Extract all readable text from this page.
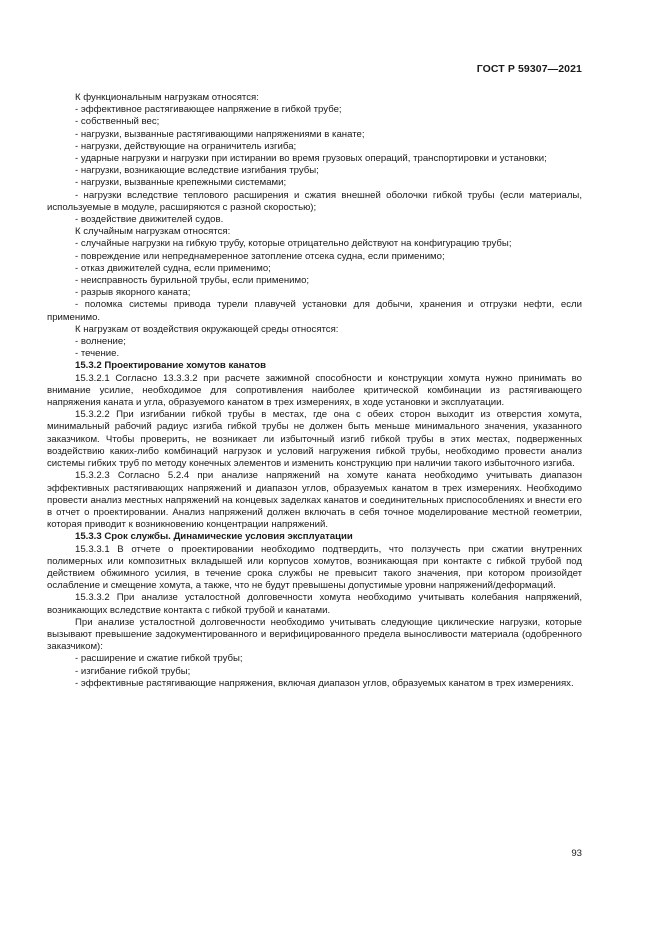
ГОСТ Р 59307—2021

К функциональным нагрузкам относятся:

- эффективное растягивающее напряжение в гибкой трубе;

- собственный вес;

- нагрузки, вызванные растягивающими напряжениями в канате;

- нагрузки, действующие на ограничитель изгиба;

- ударные нагрузки и нагрузки при истирании во время грузовых операций, транспортировки и установки;

- нагрузки, возникающие вследствие изгибания трубы;

- нагрузки, вызванные крепежными системами;

- нагрузки вследствие теплового расширения и сжатия внешней оболочки гибкой трубы (если материалы, используемые в модуле, расширяются с разной скоростью);

- воздействие движителей судов.

К случайным нагрузкам относятся:

- случайные нагрузки на гибкую трубу, которые отрицательно действуют на конфигурацию трубы;

- повреждение или непреднамеренное затопление отсека судна, если применимо;

- отказ движителей судна, если применимо;

- неисправность бурильной трубы, если применимо;

- разрыв якорного каната;

- поломка системы привода турели плавучей установки для добычи, хранения и отгрузки нефти, если применимо.

К нагрузкам от воздействия окружающей среды относятся:

- волнение;

- течение.

15.3.2 Проектирование хомутов канатов

15.3.2.1 Согласно 13.3.3.2 при расчете зажимной способности и конструкции хомута нужно принимать во внимание усилие, необходимое для сопротивления наиболее критической комбинации из растягивающего напряжения каната и угла, образуемого канатом в трех измерениях, в ходе установки и эксплуатации.

15.3.2.2 При изгибании гибкой трубы в местах, где она с обеих сторон выходит из отверстия хомута, минимальный рабочий радиус изгиба гибкой трубы не должен быть меньше минимального значения, указанного заказчиком. Чтобы проверить, не возникает ли избыточный изгиб гибкой трубы в этих местах, подверженных воздействию каких-либо комбинаций нагрузок и условий нагружения гибкой трубы, необходимо провести анализ системы гибких труб по методу конечных элементов и изменить конструкцию при наличии такого избыточного изгиба.

15.3.2.3 Согласно 5.2.4 при анализе напряжений на хомуте каната необходимо учитывать диапазон эффективных растягивающих напряжений и диапазон углов, образуемых канатом в трех измерениях. Необходимо провести анализ местных напряжений на концевых заделках канатов и соединительных приспособлениях и внести его в отчет о проектировании. Анализ напряжений должен включать в себя точное моделирование местной геометрии, которая приводит к возникновению концентрации напряжений.

15.3.3 Срок службы. Динамические условия эксплуатации

15.3.3.1 В отчете о проектировании необходимо подтвердить, что ползучесть при сжатии внутренних полимерных или композитных вкладышей или корпусов хомутов, возникающая при контакте с гибкой трубой под действием обжимного усилия, в течение срока службы не превысит такого значения, при котором произойдет ослабление и смещение хомута, а также, что не будут превышены допустимые уровни напряжений/деформаций.

15.3.3.2 При анализе усталостной долговечности хомута необходимо учитывать колебания напряжений, возникающих вследствие контакта с гибкой трубой и канатами.

При анализе усталостной долговечности необходимо учитывать следующие циклические нагрузки, которые вызывают превышение задокументированного и верифицированного предела выносливости материала (одобренного заказчиком):

- расширение и сжатие гибкой трубы;

- изгибание гибкой трубы;

- эффективные растягивающие напряжения, включая диапазон углов, образуемых канатом в трех измерениях.

93
